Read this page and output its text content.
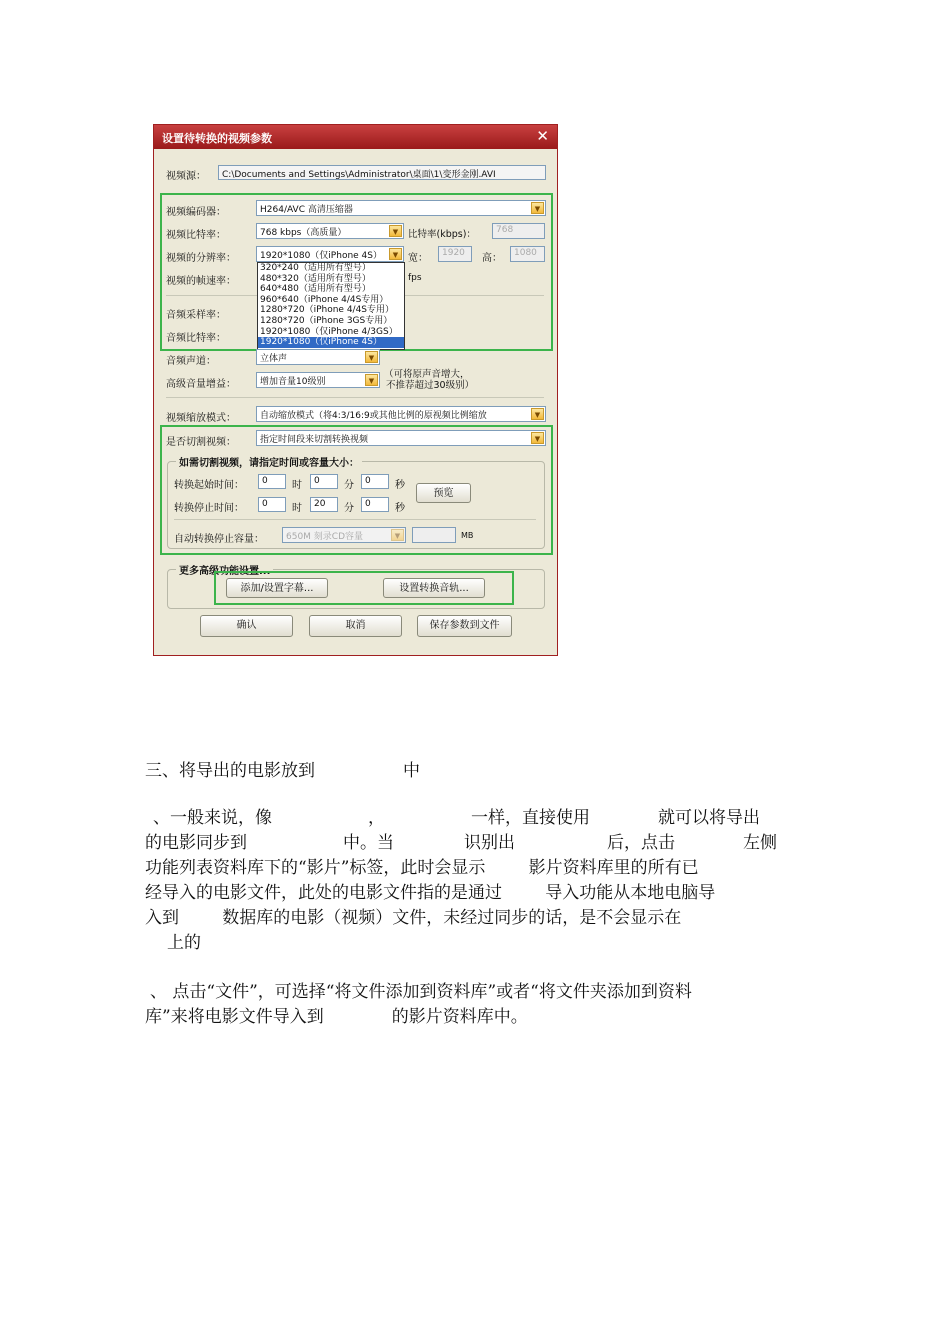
设置待转换的视频参数	✕
视频源：	C:\Documents and Settings\Administrator\桌面\1\变形金刚.AVI
视频编码器：	H264/AVC 高清压缩器	▼
视频比特率：	768 kbps（高质量）	▼	比特率(kbps)：	768
视频的分辨率：	1920*1080（仅iPhone 4S）	▼ 宽：	1920	高：	1080
视频的帧速率：	fps
音频采样率：
音频比特率：
320*240（适用所有型号）
480*320（适用所有型号）
640*480（适用所有型号）
960*640（iPhone 4/4S专用）
1280*720（iPhone 4/4S专用）
1280*720（iPhone 3GS专用）
1920*1080（仅iPhone 4/3GS）
1920*1080（仅iPhone 4S）
音频声道：	立体声	▼
高级音量增益：	增加音量10级别	▼
（可将原声音增大，
不推荐超过30级别）
视频缩放模式：	自动缩放模式（将4:3/16:9或其他比例的原视频比例缩放	▼
是否切割视频：	指定时间段来切割转换视频	▼
如需切割视频，请指定时间或容量大小：
转换起始时间：	0	时	0	分	0	秒
转换停止时间：	0	时	20	分	0	秒
预览
自动转换停止容量：	650M 刻录CD容量	▼	MB
更多高级功能设置...
添加/设置字幕...	设置转换音轨...
确认	取消	保存参数到文件
三、将导出的电影放到	中
、一般来说，像	，	一样，直接使用	就可以将导出
的电影同步到	中。当	识别出	后，点击	左侧
功能列表资料库下的“影片”标签，此时会显示        影片资料库里的所有已
经导入的电影文件，此处的电影文件指的是通过        导入功能从本地电脑导
入到        数据库的电影（视频）文件，未经过同步的话，是不会显示在
上的
、 点击“文件”，可选择“将文件添加到资料库”或者“将文件夹添加到资料
库”来将电影文件导入到	的影片资料库中。
